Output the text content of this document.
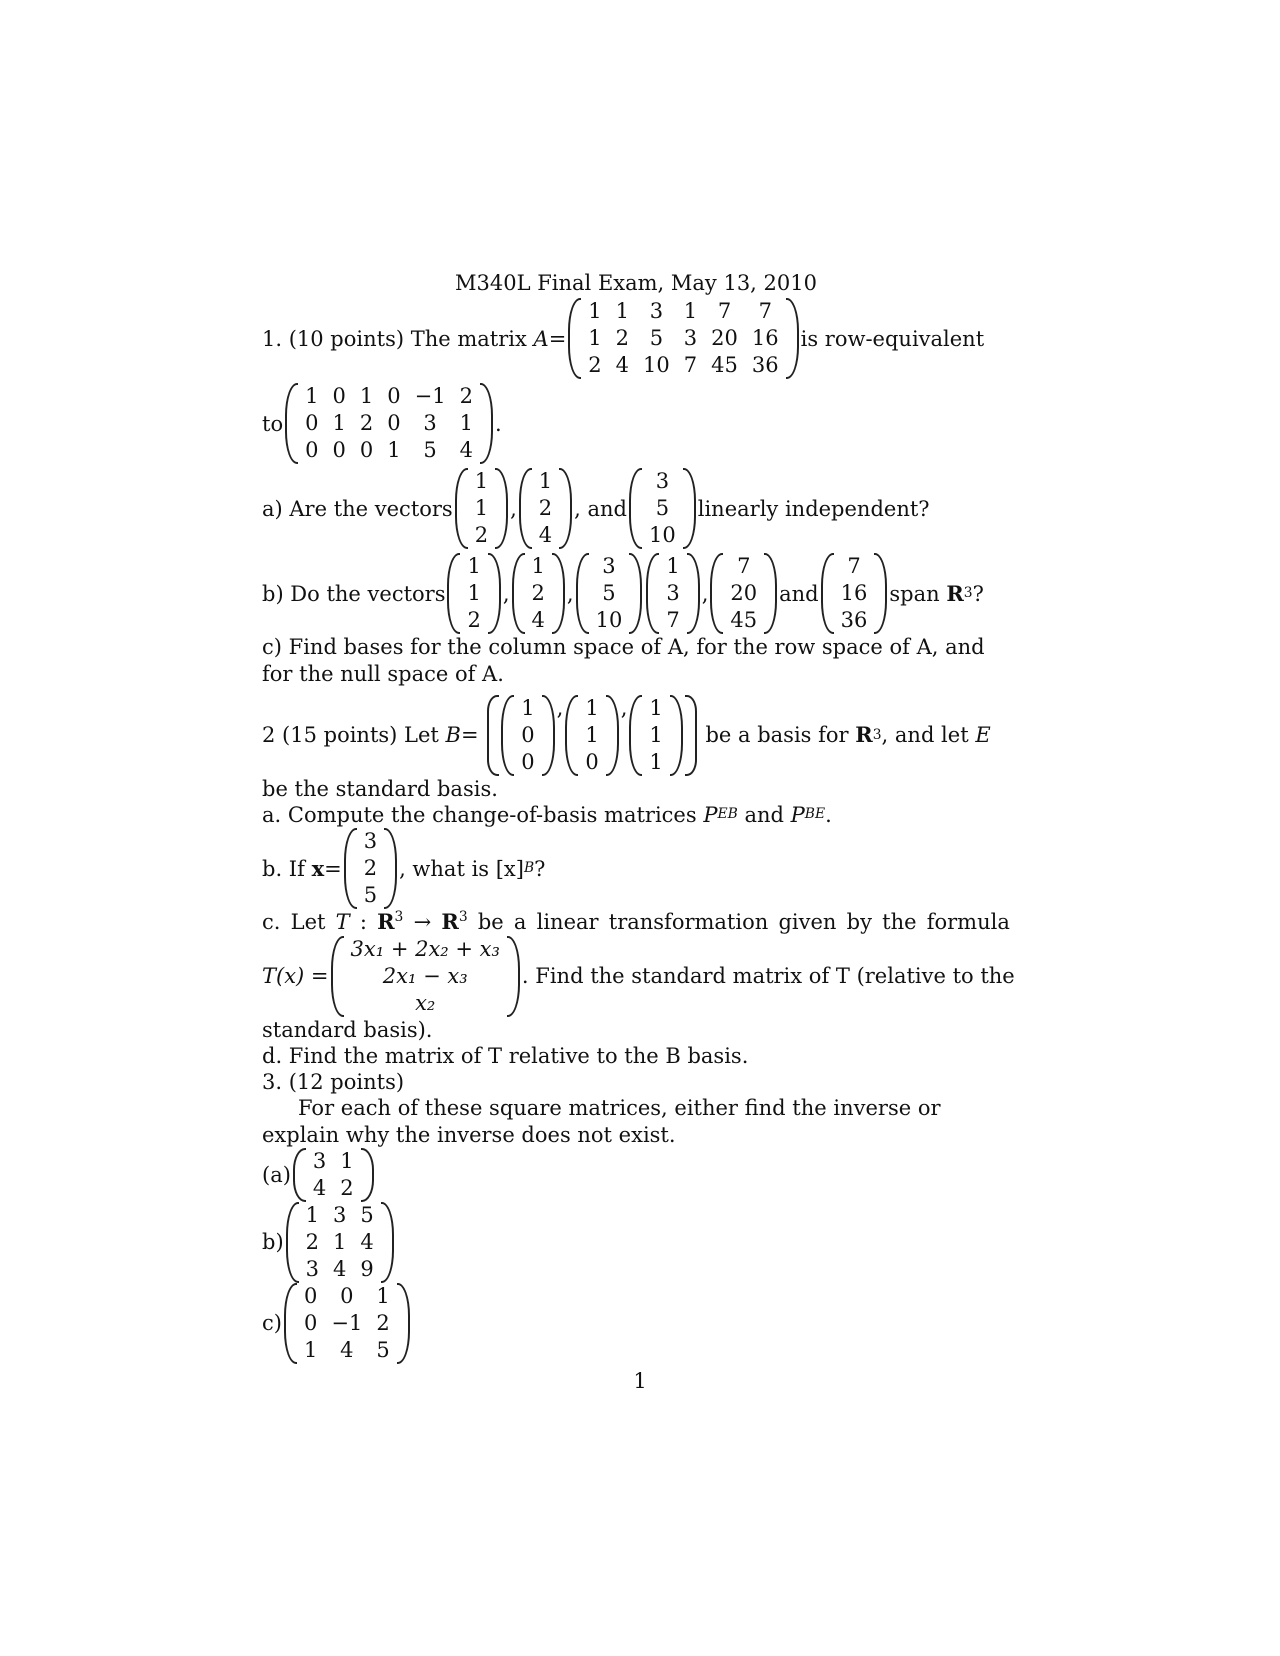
M340L Final Exam, May 13, 2010
1. (10 points) The matrix
A =
1	1	3	1	7	7
1	2	5	3	20	16
2	4	10	7	45	36
is row-equivalent
to
1	0	1	0	−1	2
0	1	2	0	3	1
0	0	0	1	5	4
.
a) Are the vectors
1
1
2
,
1
2
4
, and
3
5
10
linearly independent?
b) Do the vectors
1
1
2
,
1
2
4
,
3
5
10
1
3
7
,
7
20
45
and
7
16
36
span
R 3 ?

c) Find bases for the column space of A, for the row space of A, and for the null space of A.

2 (15 points) Let
B =

1
0
0
, 1
1
0
, 1
1
1

be a basis for
R 3 , and let
E

be the standard basis.

a. Compute the change-of-basis matrices
P EB
and
P BE .
b. If
x =
3
2
5
, what is [x] B ?
c. Let T : $R^3 \to R^3$ be a linear transformation given by the formula
T(x) =
3x₁ + 2x₂ + x₃
2x₁ − x₃
x₂
. Find the standard matrix of T (relative to the

standard basis).

d. Find the matrix of T relative to the B basis.

3. (12 points)

For each of these square matrices, either find the inverse or explain why the inverse does not exist.

(a)
3	1
4	2
b)
1	3	5
2	1	4
3	4	9
c)
0	0	1
0	−1	2
1	4	5
1
